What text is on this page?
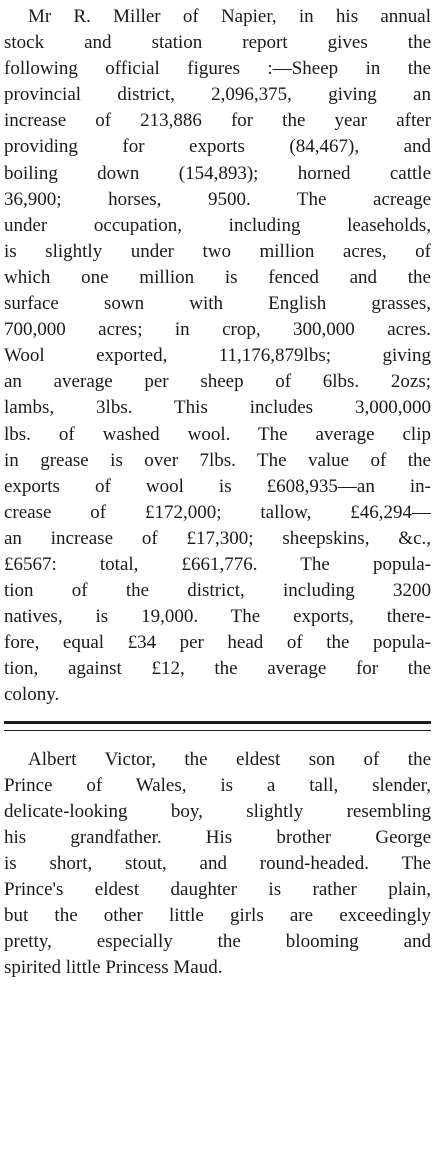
Mr R. Miller of Napier, in his annual
stock and station report gives the
following official figures :—Sheep in the
provincial district, 2,096,375, giving an
increase of 213,886 for the year after
providing for exports (84,467), and
boiling down (154,893); horned cattle
36,900; horses, 9500. The acreage
under occupation, including leaseholds,
is slightly under two million acres, of
which one million is fenced and the
surface sown with English grasses,
700,000 acres; in crop, 300,000 acres.
Wool exported, 11,176,879lbs; giving
an average per sheep of 6lbs. 2ozs;
lambs, 3lbs. This includes 3,000,000
lbs. of washed wool. The average clip
in grease is over 7lbs. The value of the
exports of wool is £608,935—an in-
crease of £172,000; tallow, £46,294—
an increase of £17,300; sheepskins, &c.,
£6567: total, £661,776. The popula-
tion of the district, including 3200
natives, is 19,000. The exports, there-
fore, equal £34 per head of the popula-
tion, against £12, the average for the
colony.

Albert Victor, the eldest son of the
Prince of Wales, is a tall, slender,
delicate-looking boy, slightly resembling
his grandfather. His brother George
is short, stout, and round-headed. The
Prince's eldest daughter is rather plain,
but the other little girls are exceedingly
pretty, especially the blooming and
spirited little Princess Maud.
